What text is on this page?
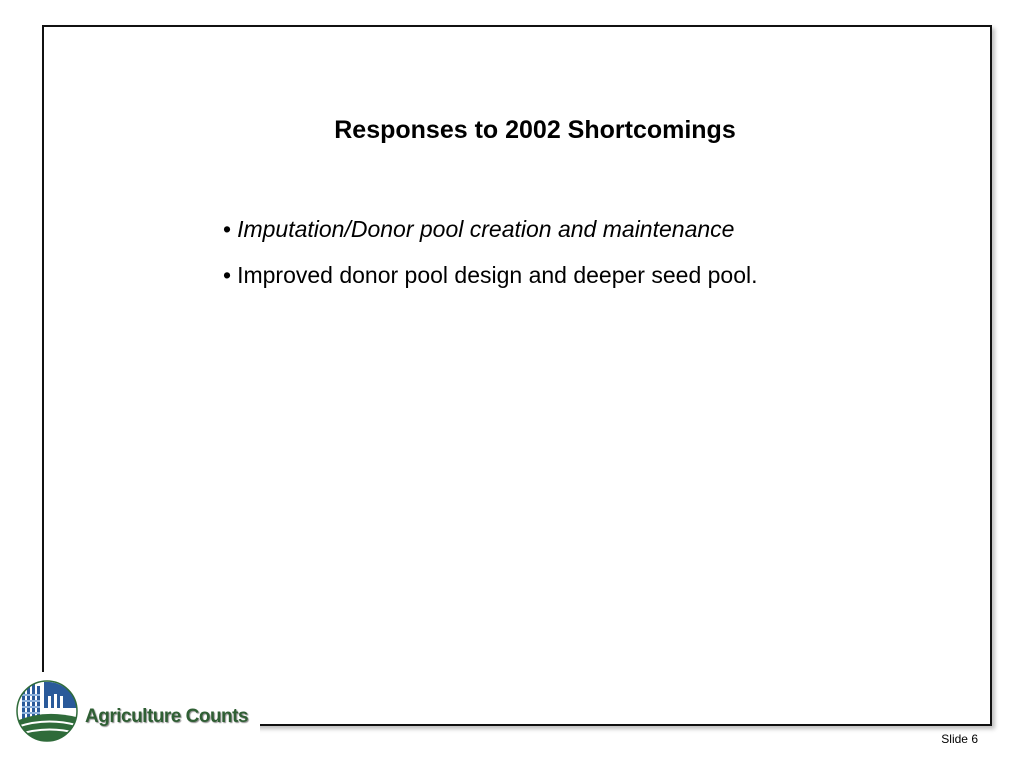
Responses to 2002 Shortcomings
• Imputation/Donor pool creation and maintenance
• Improved donor pool design and deeper seed pool.
Agriculture Counts
Slide 6
